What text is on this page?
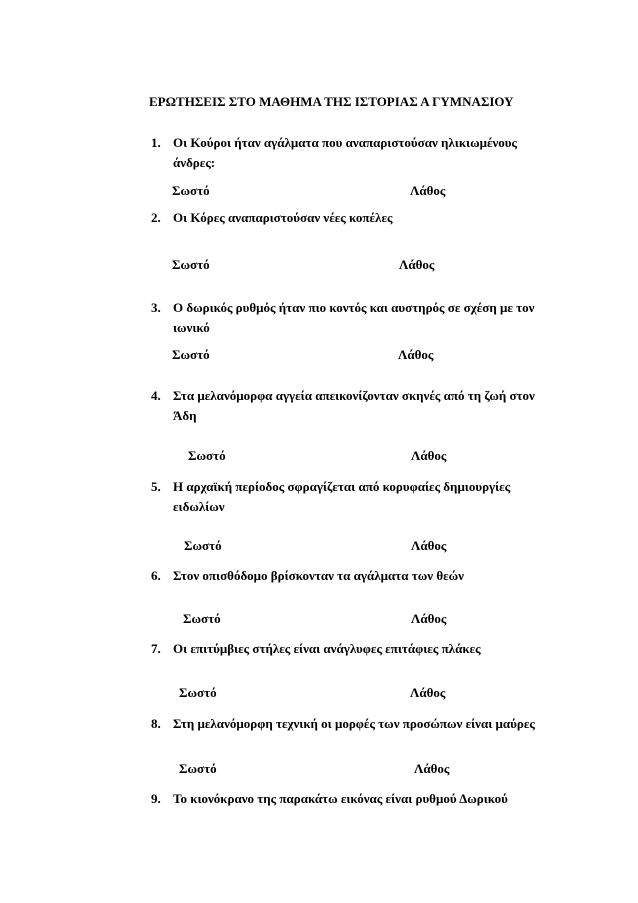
ΕΡΩΤΗΣΕΙΣ ΣΤΟ ΜΑΘΗΜΑ ΤΗΣ ΙΣΤΟΡΙΑΣ Α ΓΥΜΝΑΣΙΟΥ
1. Οι Κούροι ήταν αγάλματα που αναπαριστούσαν ηλικιωμένους
άνδρες:
Σωστό	Λάθος
2. Οι Κόρες αναπαριστούσαν νέες κοπέλες
Σωστό	Λάθος
3. Ο δωρικός ρυθμός ήταν πιο κοντός και αυστηρός σε σχέση με τον
ιωνικό
Σωστό	Λάθος
4. Στα μελανόμορφα αγγεία απεικονίζονταν σκηνές από τη ζωή στον
Άδη
Σωστό	Λάθος
5. Η αρχαϊκή περίοδος σφραγίζεται από κορυφαίες δημιουργίες
ειδωλίων
Σωστό	Λάθος
6. Στον οπισθόδομο βρίσκονταν τα αγάλματα των θεών
Σωστό	Λάθος
7. Οι επιτύμβιες στήλες είναι ανάγλυφες επιτάφιες πλάκες
Σωστό	Λάθος
8. Στη μελανόμορφη τεχνική οι μορφές των προσώπων είναι μαύρες
Σωστό	Λάθος
9. Το κιονόκρανο της παρακάτω εικόνας είναι ρυθμού Δωρικού
